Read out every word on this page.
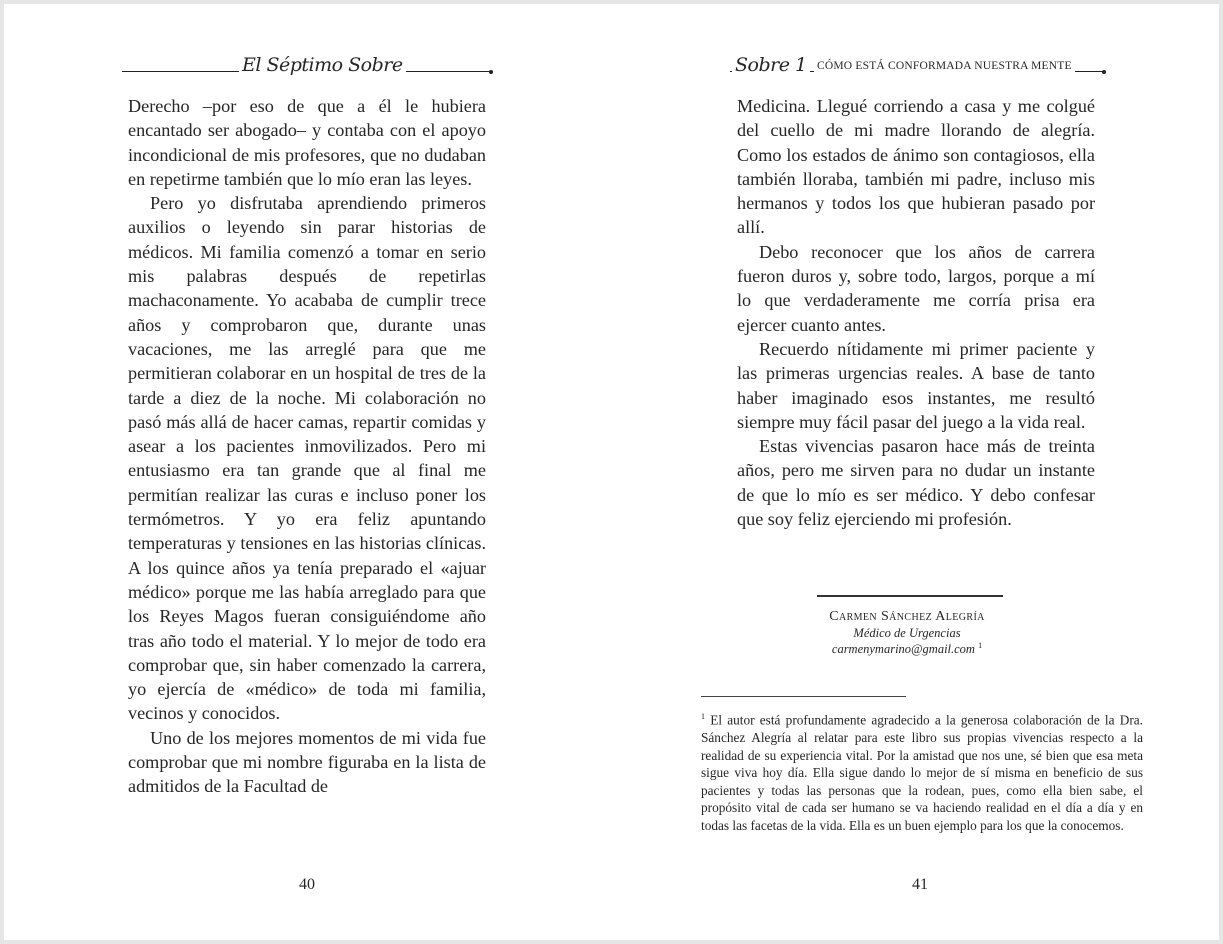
El Séptimo Sobre

Derecho –por eso de que a él le hubiera encantado ser abogado– y contaba con el apoyo incondicional de mis profesores, que no dudaban en repetirme también que lo mío eran las leyes.

Pero yo disfrutaba aprendiendo primeros auxilios o leyendo sin parar historias de médicos. Mi familia comenzó a tomar en serio mis palabras después de repetirlas machaconamente. Yo acababa de cumplir trece años y comprobaron que, durante unas vacaciones, me las arreglé para que me permitieran colaborar en un hospital de tres de la tarde a diez de la noche. Mi colaboración no pasó más allá de hacer camas, repartir comidas y asear a los pacientes inmovilizados. Pero mi entusiasmo era tan grande que al final me permitían realizar las curas e incluso poner los termómetros. Y yo era feliz apuntando temperaturas y tensiones en las historias clínicas. A los quince años ya tenía preparado el «ajuar médico» porque me las había arreglado para que los Reyes Magos fueran consiguiéndome año tras año todo el material. Y lo mejor de todo era comprobar que, sin haber comenzado la carrera, yo ejercía de «médico» de toda mi familia, vecinos y conocidos.

Uno de los mejores momentos de mi vida fue comprobar que mi nombre figuraba en la lista de admitidos de la Facultad de

40
Sobre 1 CÓMO ESTÁ CONFORMADA NUESTRA MENTE

Medicina. Llegué corriendo a casa y me colgué del cuello de mi madre llorando de alegría. Como los estados de ánimo son contagiosos, ella también lloraba, también mi padre, incluso mis hermanos y todos los que hubieran pasado por allí.

Debo reconocer que los años de carrera fueron duros y, sobre todo, largos, porque a mí lo que verdaderamente me corría prisa era ejercer cuanto antes.

Recuerdo nítidamente mi primer paciente y las primeras urgencias reales. A base de tanto haber imaginado esos instantes, me resultó siempre muy fácil pasar del juego a la vida real.

Estas vivencias pasaron hace más de treinta años, pero me sirven para no dudar un instante de que lo mío es ser médico. Y debo confesar que soy feliz ejerciendo mi profesión.

Carmen Sánchez Alegría
Médico de Urgencias
carmenymarino@gmail.com $^1$
$^1$ El autor está profundamente agradecido a la generosa colaboración de la Dra. Sánchez Alegría al relatar para este libro sus propias vivencias respecto a la realidad de su experiencia vital. Por la amistad que nos une, sé bien que esa meta sigue viva hoy día. Ella sigue dando lo mejor de sí misma en beneficio de sus pacientes y todas las personas que la rodean, pues, como ella bien sabe, el propósito vital de cada ser humano se va haciendo realidad en el día a día y en todas las facetas de la vida. Ella es un buen ejemplo para los que la conocemos.
41
